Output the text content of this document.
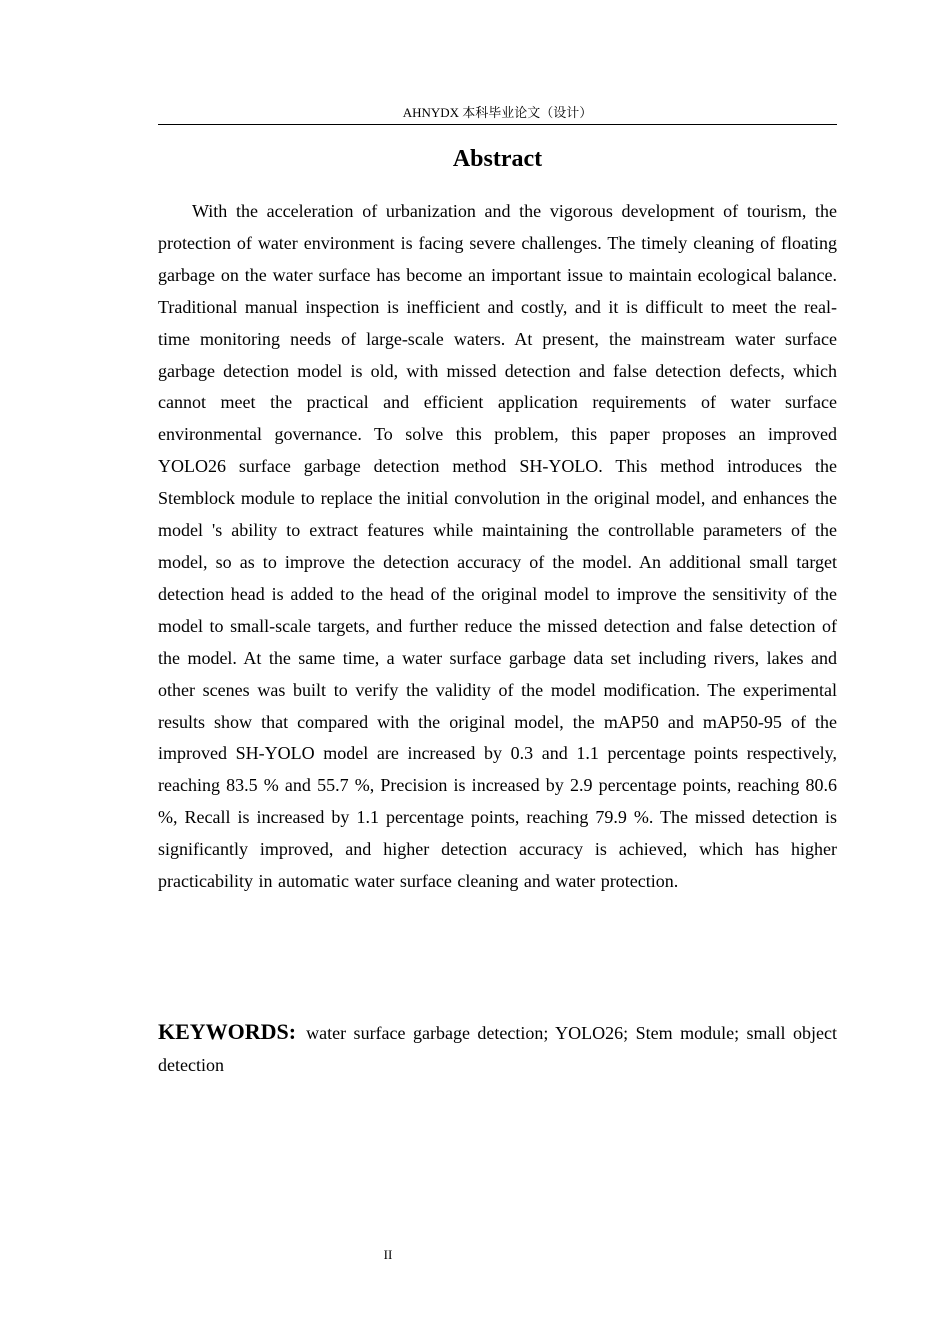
AHNYDX 本科毕业论文（设计）
Abstract

With the acceleration of urbanization and the vigorous development of tourism, the protection of water environment is facing severe challenges. The timely cleaning of floating garbage on the water surface has become an important issue to maintain ecological balance. Traditional manual inspection is inefficient and costly, and it is difficult to meet the real-time monitoring needs of large-scale waters. At present, the mainstream water surface garbage detection model is old, with missed detection and false detection defects, which cannot meet the practical and efficient application requirements of water surface environmental governance. To solve this problem, this paper proposes an improved YOLO26 surface garbage detection method SH-YOLO. This method introduces the Stemblock module to replace the initial convolution in the original model, and enhances the model 's ability to extract features while maintaining the controllable parameters of the model, so as to improve the detection accuracy of the model. An additional small target detection head is added to the head of the original model to improve the sensitivity of the model to small-scale targets, and further reduce the missed detection and false detection of the model. At the same time, a water surface garbage data set including rivers, lakes and other scenes was built to verify the validity of the model modification. The experimental results show that compared with the original model, the mAP50 and mAP50-95 of the improved SH-YOLO model are increased by 0.3 and 1.1 percentage points respectively, reaching 83.5 % and 55.7 %, Precision is increased by 2.9 percentage points, reaching 80.6 %, Recall is increased by 1.1 percentage points, reaching 79.9 %. The missed detection is significantly improved, and higher detection accuracy is achieved, which has higher practicability in automatic water surface cleaning and water protection.

KEYWORDS: water surface garbage detection; YOLO26; Stem module; small object detection

II
